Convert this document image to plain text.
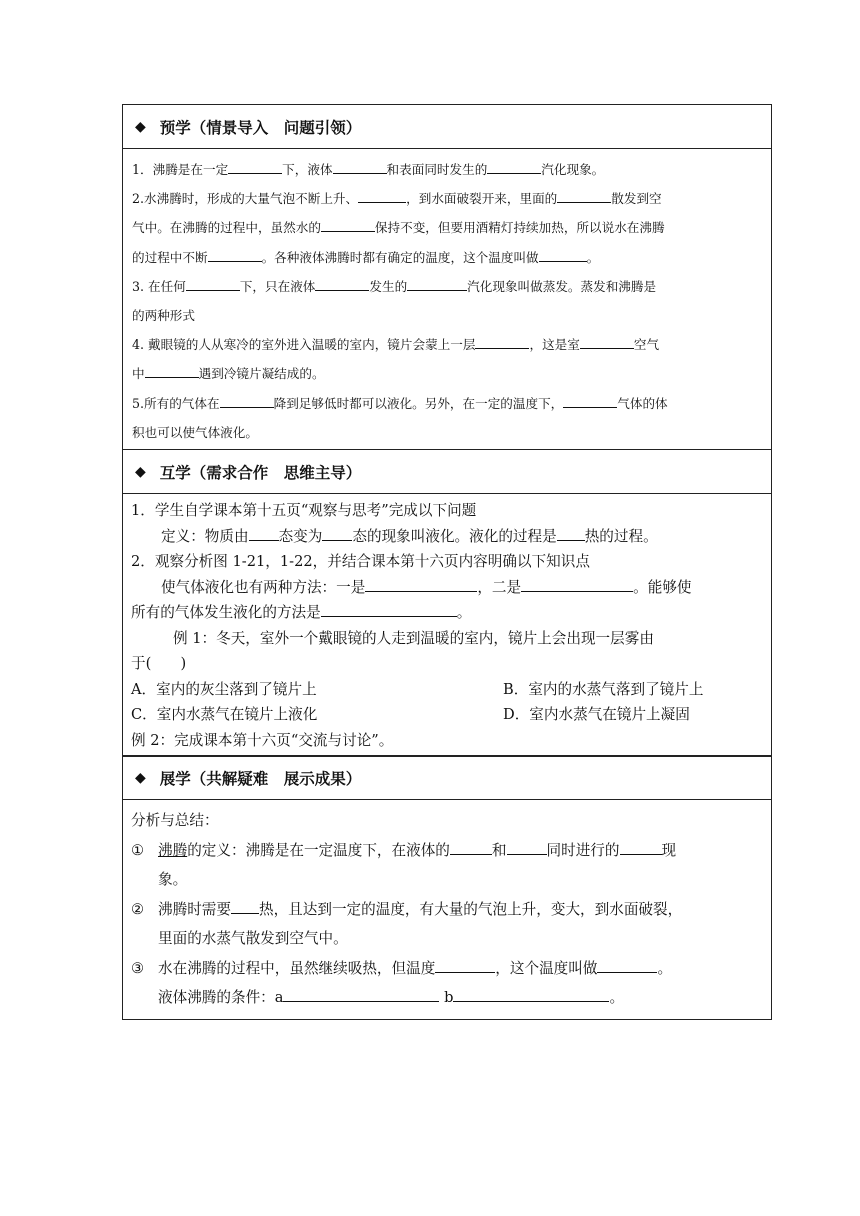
◆ 预学（情景导入　问题引领）

1．沸腾是在一定	下，液体	和表面同时发生的	汽化现象。

2.水沸腾时，形成的大量气泡不断上升、	，到水面破裂开来，里面的	散发到空
气中。在沸腾的过程中，虽然水的	保持不变，但要用酒精灯持续加热，所以说水在沸腾
的过程中不断	。各种液体沸腾时都有确定的温度，这个温度叫做	。

3. 在任何	下，只在液体	发生的	汽化现象叫做蒸发。蒸发和沸腾是
的两种形式

4. 戴眼镜的人从寒冷的室外进入温暖的室内，镜片会蒙上一层	，这是室	空气
中	遇到冷镜片凝结成的。

5.所有的气体在	降到足够低时都可以液化。另外，在一定的温度下，	气体的体
积也可以使气体液化。

◆ 互学（需求合作　思维主导）

1．学生自学课本第十五页“观察与思考”完成以下问题

定义：物质由 态变为 态的现象叫液化。液化的过程是 热的过程。

2．观察分析图 1-21，1-22，并结合课本第十六页内容明确以下知识点

使气体液化也有两种方法：一是	，二是	。能够使
所有的气体发生液化的方法是	。

例 1：冬天，室外一个戴眼镜的人走到温暖的室内，镜片上会出现一层雾由
于(　　)

A．室内的灰尘落到了镜片上	B．室内的水蒸气落到了镜片上

C．室内水蒸气在镜片上液化	D．室内水蒸气在镜片上凝固

例 2：完成课本第十六页“交流与讨论”。

◆ 展学（共解疑难　展示成果）

分析与总结：

① 沸腾的定义：沸腾是在一定温度下，在液体的	和	同时进行的	现
象。
② 沸腾时需要 热，且达到一定的温度，有大量的气泡上升，变大，到水面破裂，
里面的水蒸气散发到空气中。
③ 水在沸腾的过程中，虽然继续吸热，但温度	，这个温度叫做	。
液体沸腾的条件：a	b	。
